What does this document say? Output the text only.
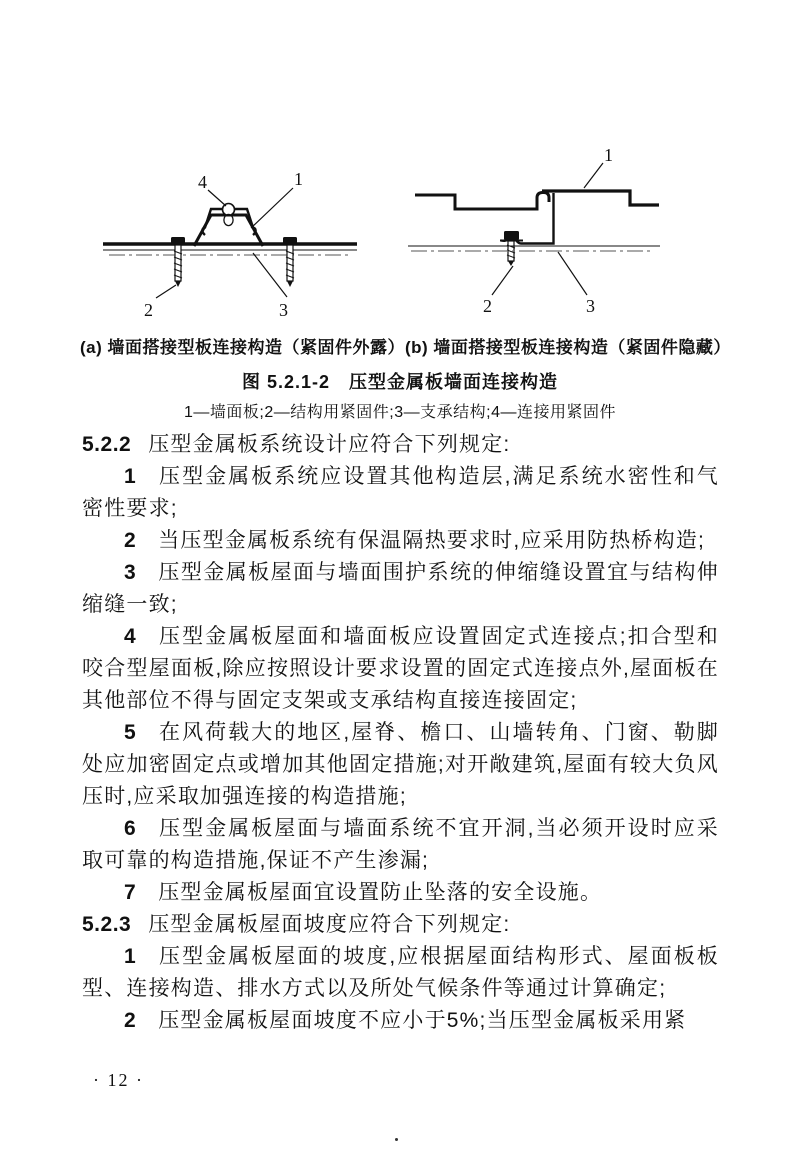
4	1
2	3
1
2	3
(a) 墙面搭接型板连接构造（紧固件外露） (b) 墙面搭接型板连接构造（紧固件隐藏）
图 5.2.1-2　压型金属板墙面连接构造
1—墙面板;2—结构用紧固件;3—支承结构;4—连接用紧固件

5.2.2 压型金属板系统设计应符合下列规定:

1 压型金属板系统应设置其他构造层,满足系统水密性和气密性要求;

2 当压型金属板系统有保温隔热要求时,应采用防热桥构造;

3 压型金属板屋面与墙面围护系统的伸缩缝设置宜与结构伸缩缝一致;

4 压型金属板屋面和墙面板应设置固定式连接点;扣合型和咬合型屋面板,除应按照设计要求设置的固定式连接点外,屋面板在其他部位不得与固定支架或支承结构直接连接固定;

5 在风荷载大的地区,屋脊、檐口、山墙转角、门窗、勒脚处应加密固定点或增加其他固定措施;对开敞建筑,屋面有较大负风压时,应采取加强连接的构造措施;

6 压型金属板屋面与墙面系统不宜开洞,当必须开设时应采取可靠的构造措施,保证不产生渗漏;

7 压型金属板屋面宜设置防止坠落的安全设施。

5.2.3 压型金属板屋面坡度应符合下列规定:

1 压型金属板屋面的坡度,应根据屋面结构形式、屋面板板型、连接构造、排水方式以及所处气候条件等通过计算确定;

2 压型金属板屋面坡度不应小于5%;当压型金属板采用紧

· 12 ·
